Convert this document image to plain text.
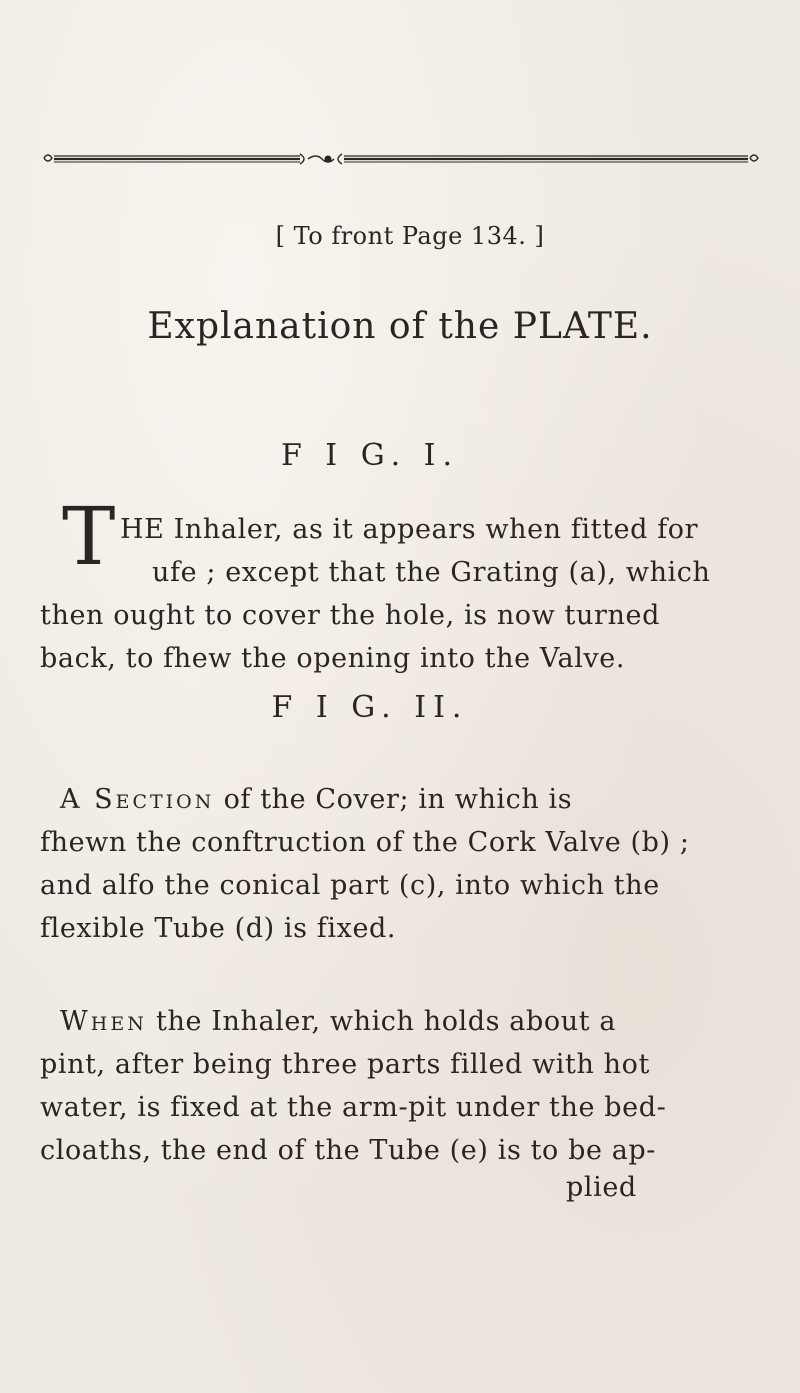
[ To front Page 134. ]
Explanation of the PLATE.
F I G. I.
T HE Inhaler, as it appears when fitted for
ufe ; except that the Grating (a), which
then ought to cover the hole, is now turned
back, to fhew the opening into the Valve.
F I G. II.
A Section of the Cover; in which is
fhewn the conftruction of the Cork Valve (b) ;
and alfo the conical part (c), into which the
flexible Tube (d) is fixed.
When the Inhaler, which holds about a
pint, after being three parts filled with hot
water, is fixed at the arm-pit under the bed-
cloaths, the end of the Tube (e) is to be ap-
plied
